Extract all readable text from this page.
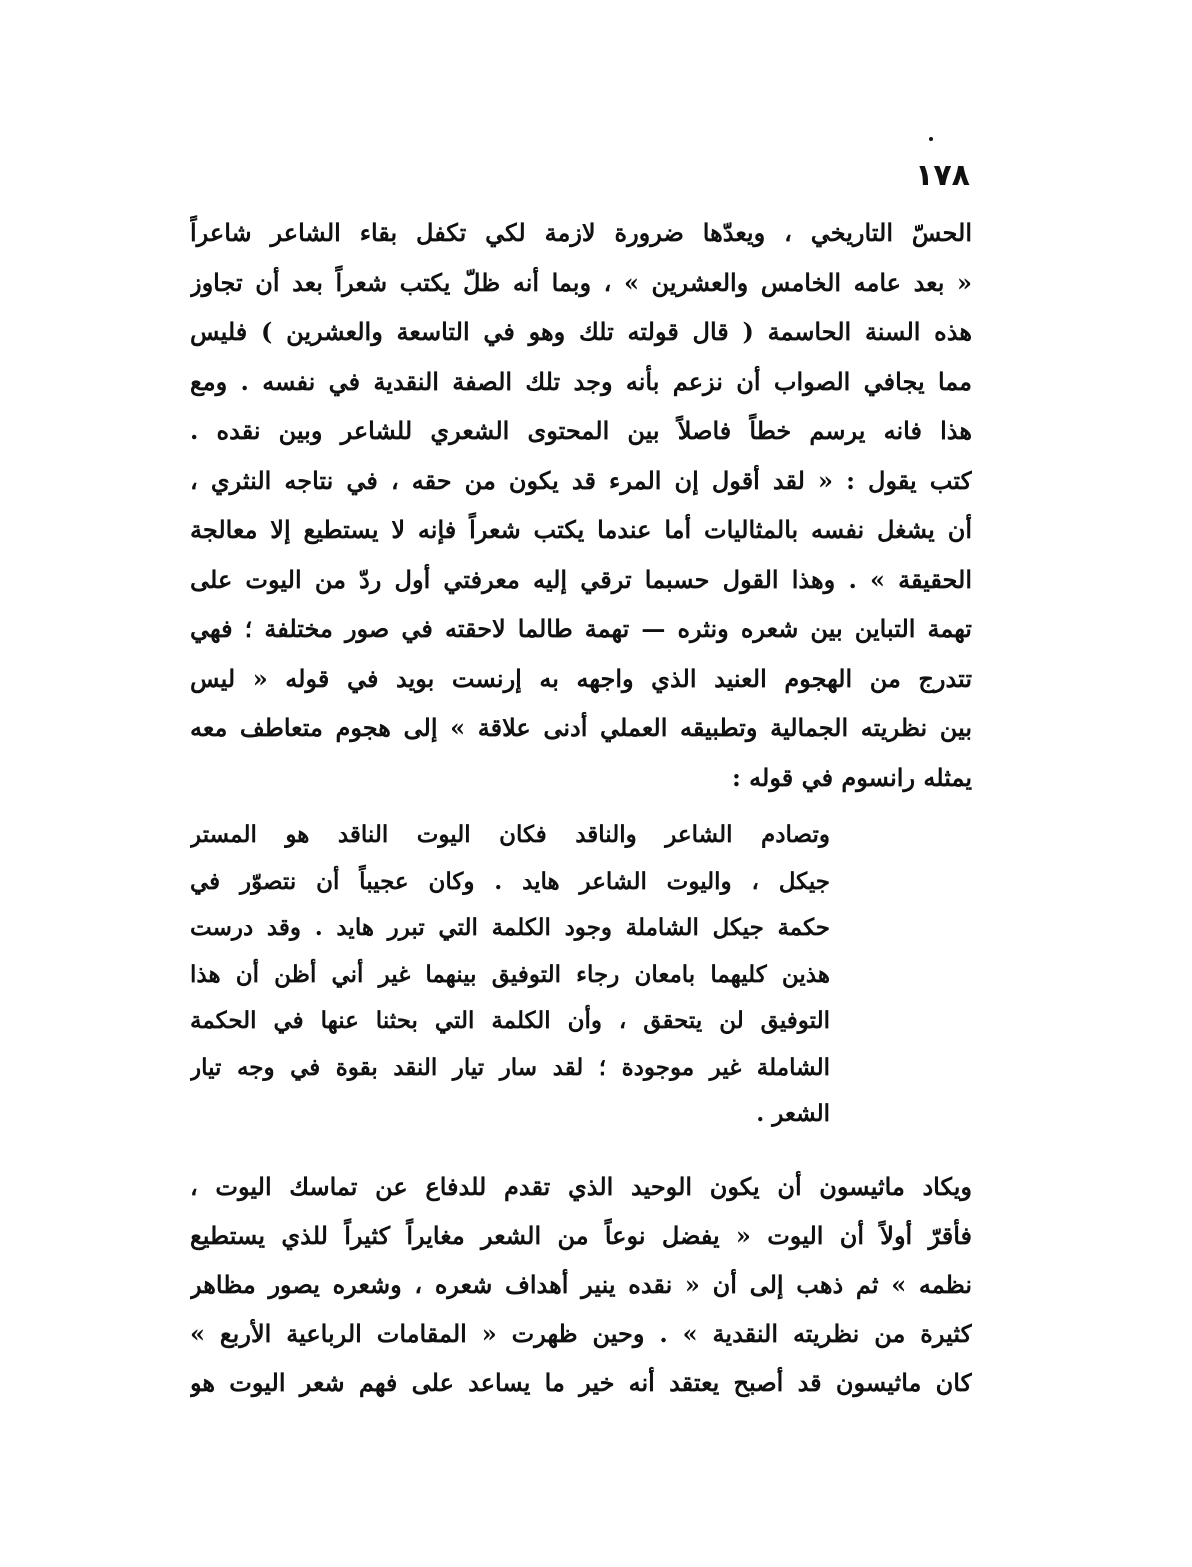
١٧٨
الحسّ التاريخي ، ويعدّها ضرورة لازمة لكي تكفل بقاء الشاعر شاعراً
« بعد عامه الخامس والعشرين » ، وبما أنه ظلّ يكتب شعراً بعد أن تجاوز
هذه السنة الحاسمة ( قال قولته تلك وهو في التاسعة والعشرين ) فليس
مما يجافي الصواب أن نزعم بأنه وجد تلك الصفة النقدية في نفسه . ومع
هذا فانه يرسم خطاً فاصلاً بين المحتوى الشعري للشاعر وبين نقده .
كتب يقول : « لقد أقول إن المرء قد يكون من حقه ، في نتاجه النثري ،
أن يشغل نفسه بالمثاليات أما عندما يكتب شعراً فإنه لا يستطيع إلا معالجة
الحقيقة » . وهذا القول حسبما ترقي إليه معرفتي أول ردّ من اليوت على
تهمة التباين بين شعره ونثره — تهمة طالما لاحقته في صور مختلفة ؛ فهي
تتدرج من الهجوم العنيد الذي واجهه به إرنست بويد في قوله « ليس
بين نظريته الجمالية وتطبيقه العملي أدنى علاقة » إلى هجوم متعاطف معه
يمثله رانسوم في قوله :
وتصادم الشاعر والناقد فكان اليوت الناقد هو المستر
جيكل ، واليوت الشاعر هايد . وكان عجيباً أن نتصوّر في
حكمة جيكل الشاملة وجود الكلمة التي تبرر هايد . وقد درست
هذين كليهما بامعان رجاء التوفيق بينهما غير أني أظن أن هذا
التوفيق لن يتحقق ، وأن الكلمة التي بحثنا عنها في الحكمة
الشاملة غير موجودة ؛ لقد سار تيار النقد بقوة في وجه تيار
الشعر .
ويكاد ماثيسون أن يكون الوحيد الذي تقدم للدفاع عن تماسك اليوت ،
فأقرّ أولاً أن اليوت « يفضل نوعاً من الشعر مغايراً كثيراً للذي يستطيع
نظمه » ثم ذهب إلى أن « نقده ينير أهداف شعره ، وشعره يصور مظاهر
كثيرة من نظريته النقدية » . وحين ظهرت « المقامات الرباعية الأربع »
كان ماثيسون قد أصبح يعتقد أنه خير ما يساعد على فهم شعر اليوت هو
